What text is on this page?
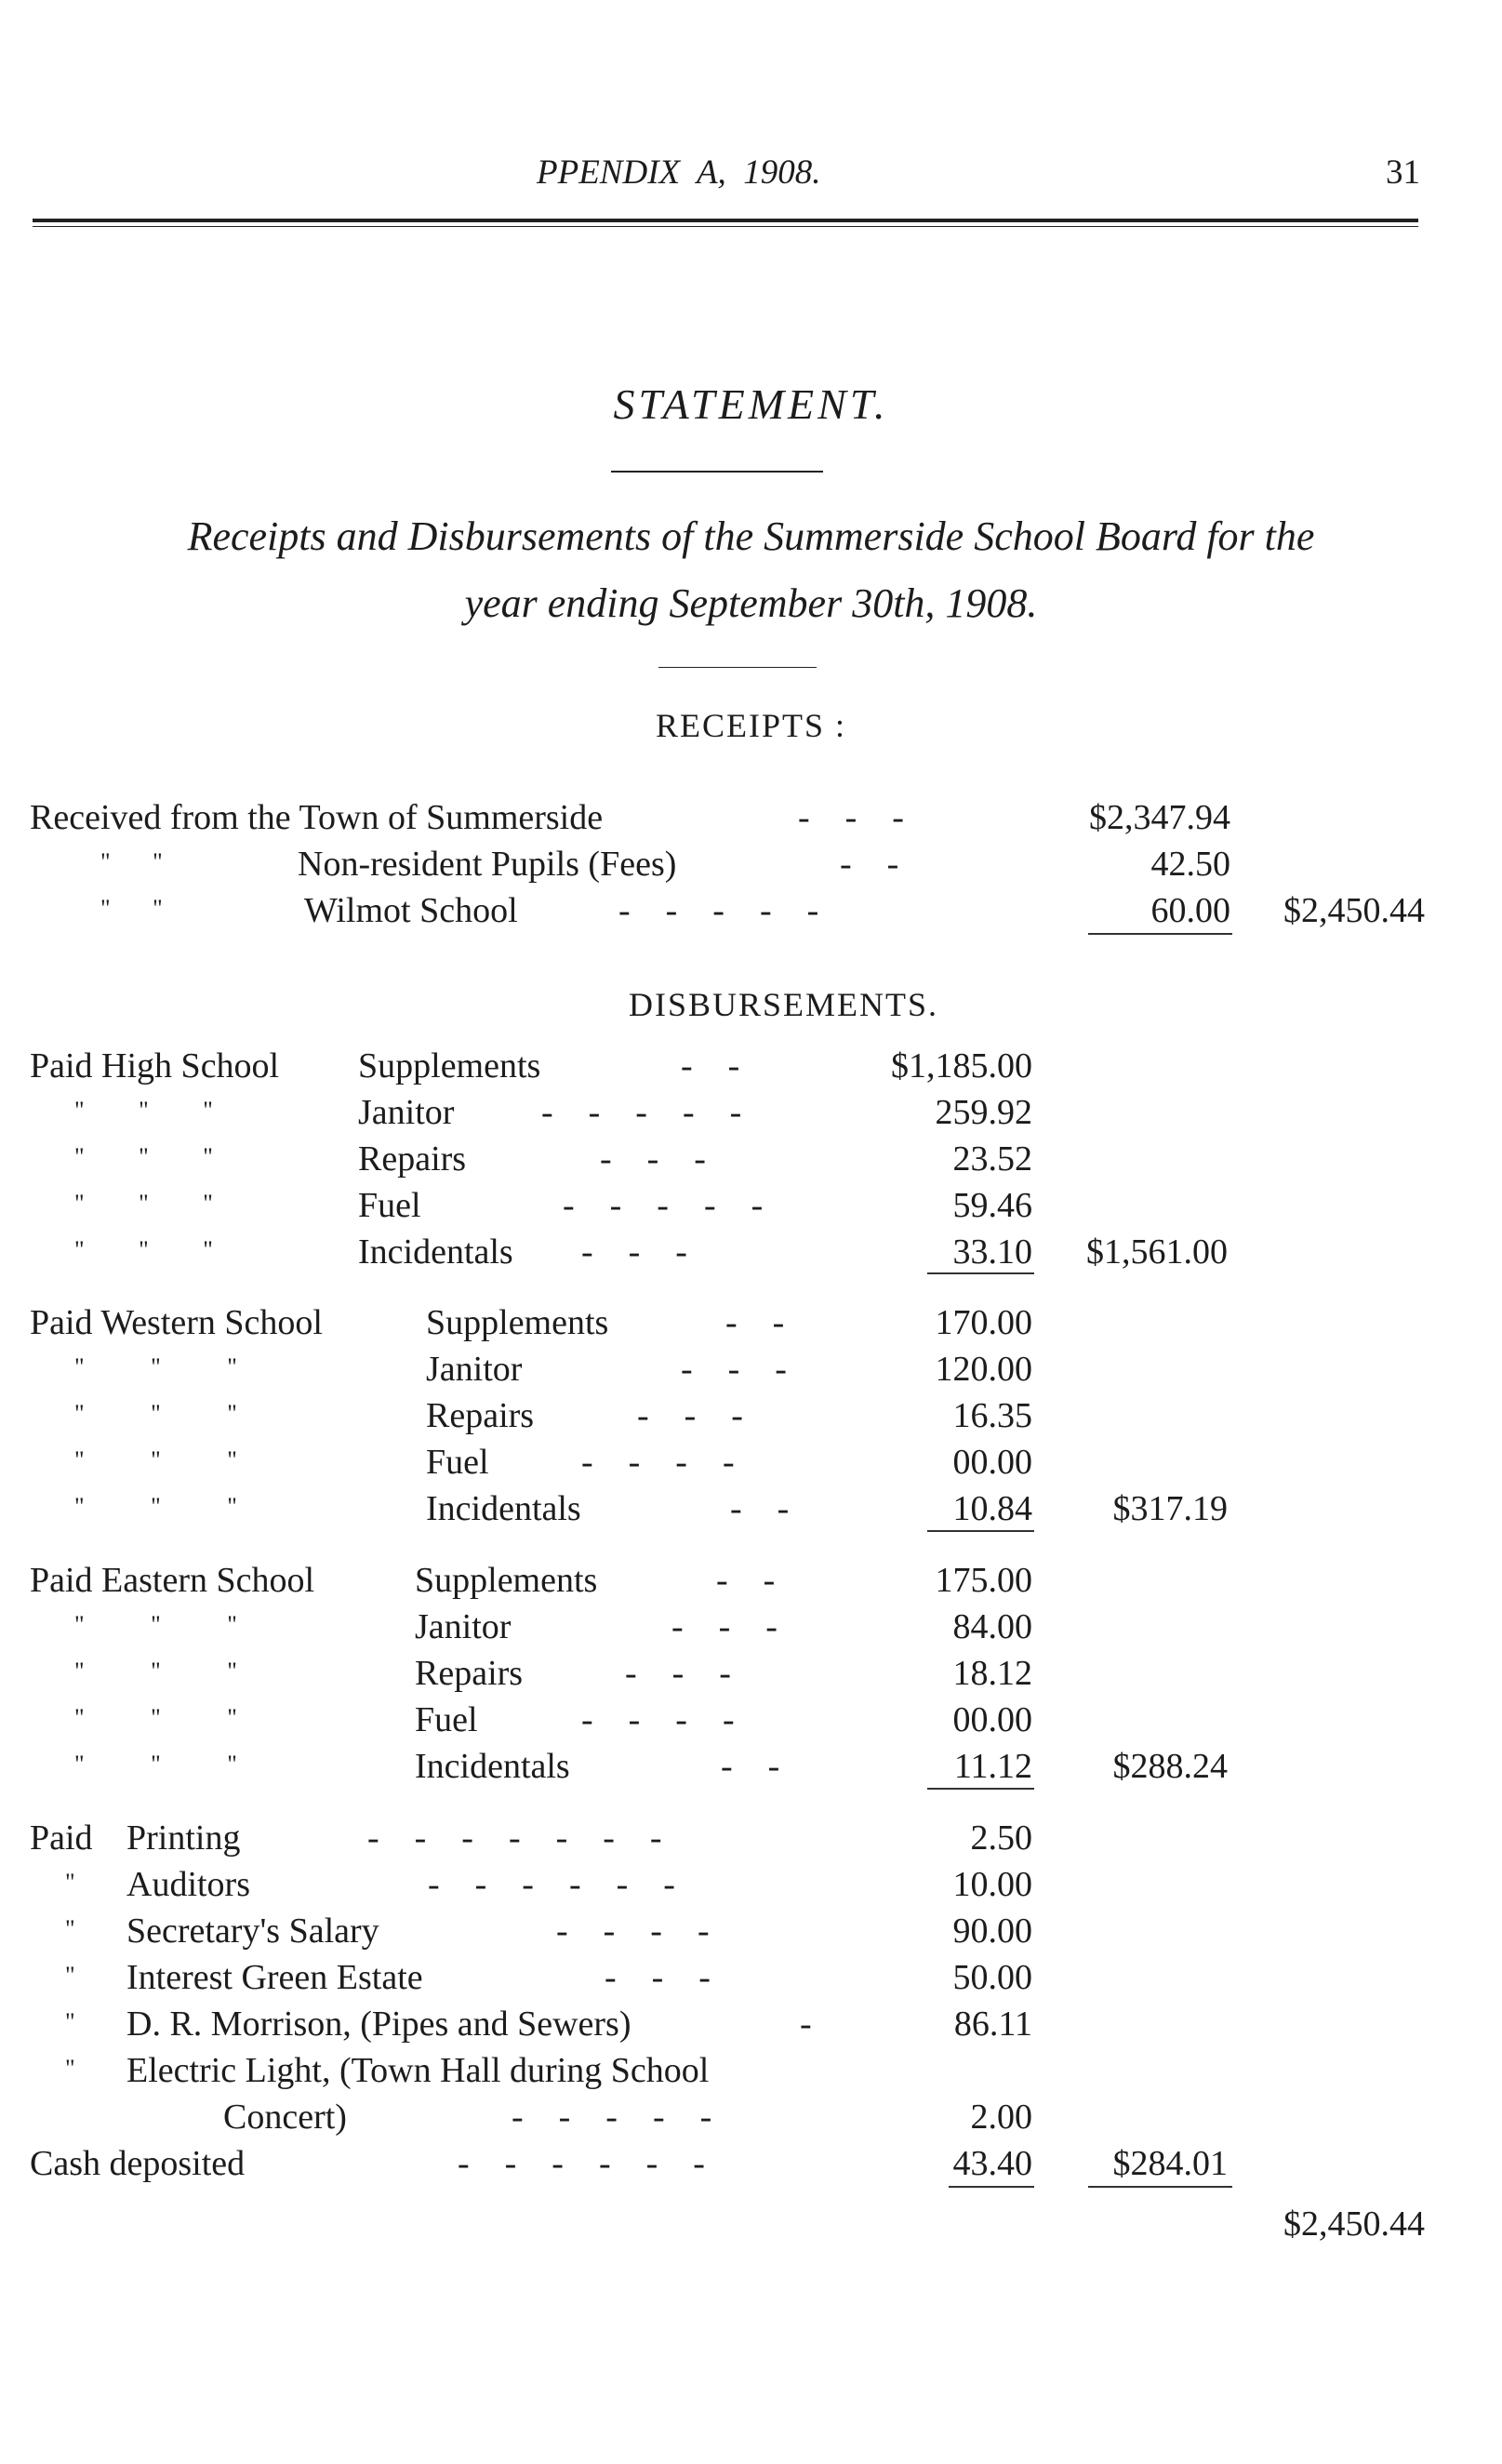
PPENDIX  A,  1908.	31
STATEMENT.
Receipts and Disbursements of the Summerside School Board for the
year ending September 30th, 1908.
RECEIPTS :
Received from the Town of Summerside	-    -    -	$2,347.94
"       "	Non-resident Pupils (Fees)	-    -	42.50
"       "	Wilmot School	-    -    -    -    -	60.00 $2,450.44
DISBURSEMENTS.
Paid High School Supplements	-    -	$1,185.00
"         "         "	Janitor -    -    -    -    -	259.92
"         "         "	Repairs	-    -    -	23.52
"         "         "	Fuel	-    -    -    -    -	59.46
"         "         "	Incidentals -    -    -	33.10 $1,561.00
Paid Western School	Supplements	-    -	170.00
"           "           "	Janitor	-    -    -	120.00
"           "           "	Repairs	-    -    -	16.35
"           "           "	Fuel	-    -    -    -	00.00
"           "           "	Incidentals	-    -	10.84 $317.19
Paid Eastern School	Supplements	-    -	175.00
"           "           "	Janitor	-    -    -	84.00
"           "           "	Repairs	-    -    -	18.12
"           "           "	Fuel	-    -    -    -	00.00
"           "           "	Incidentals	-    -	11.12 $288.24
Paid Printing	-    -    -    -    -    -    -	2.50
" Auditors	-    -    -    -    -    -	10.00
" Secretary's Salary	-    -    -    -	90.00
" Interest Green Estate	-    -    -	50.00
" D. R. Morrison, (Pipes and Sewers)	-	86.11
" Electric Light, (Town Hall during School
Concert)	-    -    -    -    -	2.00
Cash deposited	-    -    -    -    -    -	43.40 $284.01
$2,450.44
